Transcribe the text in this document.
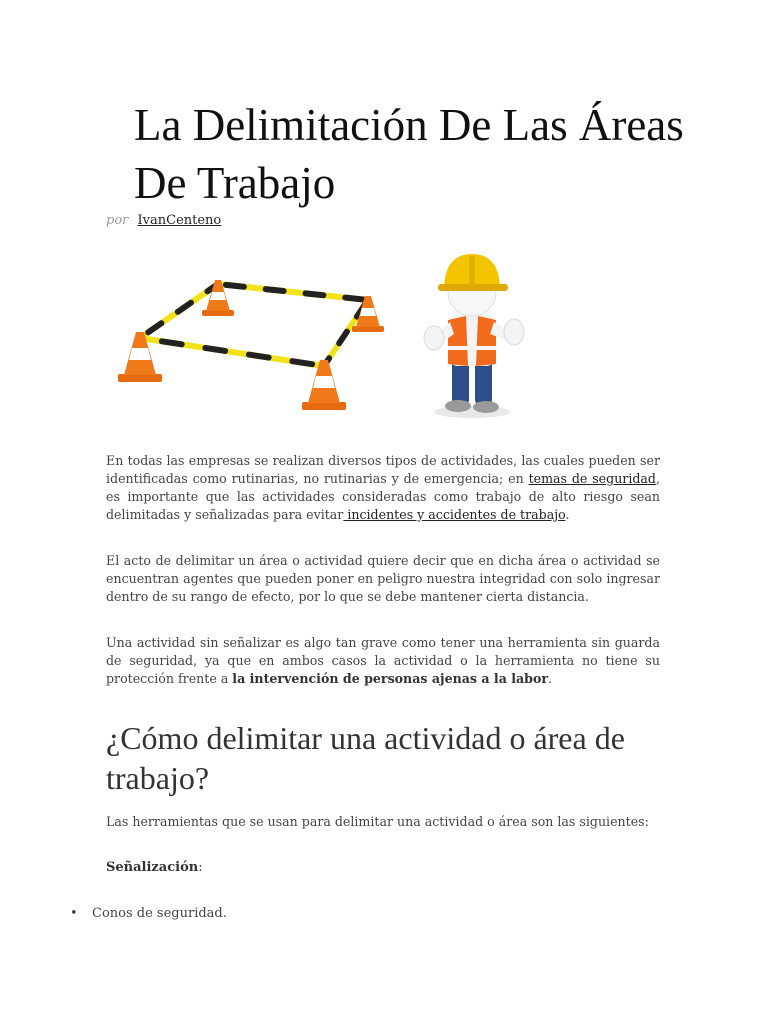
La Delimitación De Las Áreas De Trabajo
por IvanCenteno

En todas las empresas se realizan diversos tipos de actividades, las cuales pueden ser identificadas como rutinarias, no rutinarias y de emergencia; en temas de seguridad, es importante que las actividades consideradas como trabajo de alto riesgo sean delimitadas y señalizadas para evitar incidentes y accidentes de trabajo.

El acto de delimitar un área o actividad quiere decir que en dicha área o actividad se encuentran agentes que pueden poner en peligro nuestra integridad con solo ingresar dentro de su rango de efecto, por lo que se debe mantener cierta distancia.

Una actividad sin señalizar es algo tan grave como tener una herramienta sin guarda de seguridad, ya que en ambos casos la actividad o la herramienta no tiene su protección frente a la intervención de personas ajenas a la labor.

¿Cómo delimitar una actividad o área de trabajo?

Las herramientas que se usan para delimitar una actividad o área son las siguientes:

Señalización:

• Conos de seguridad.
